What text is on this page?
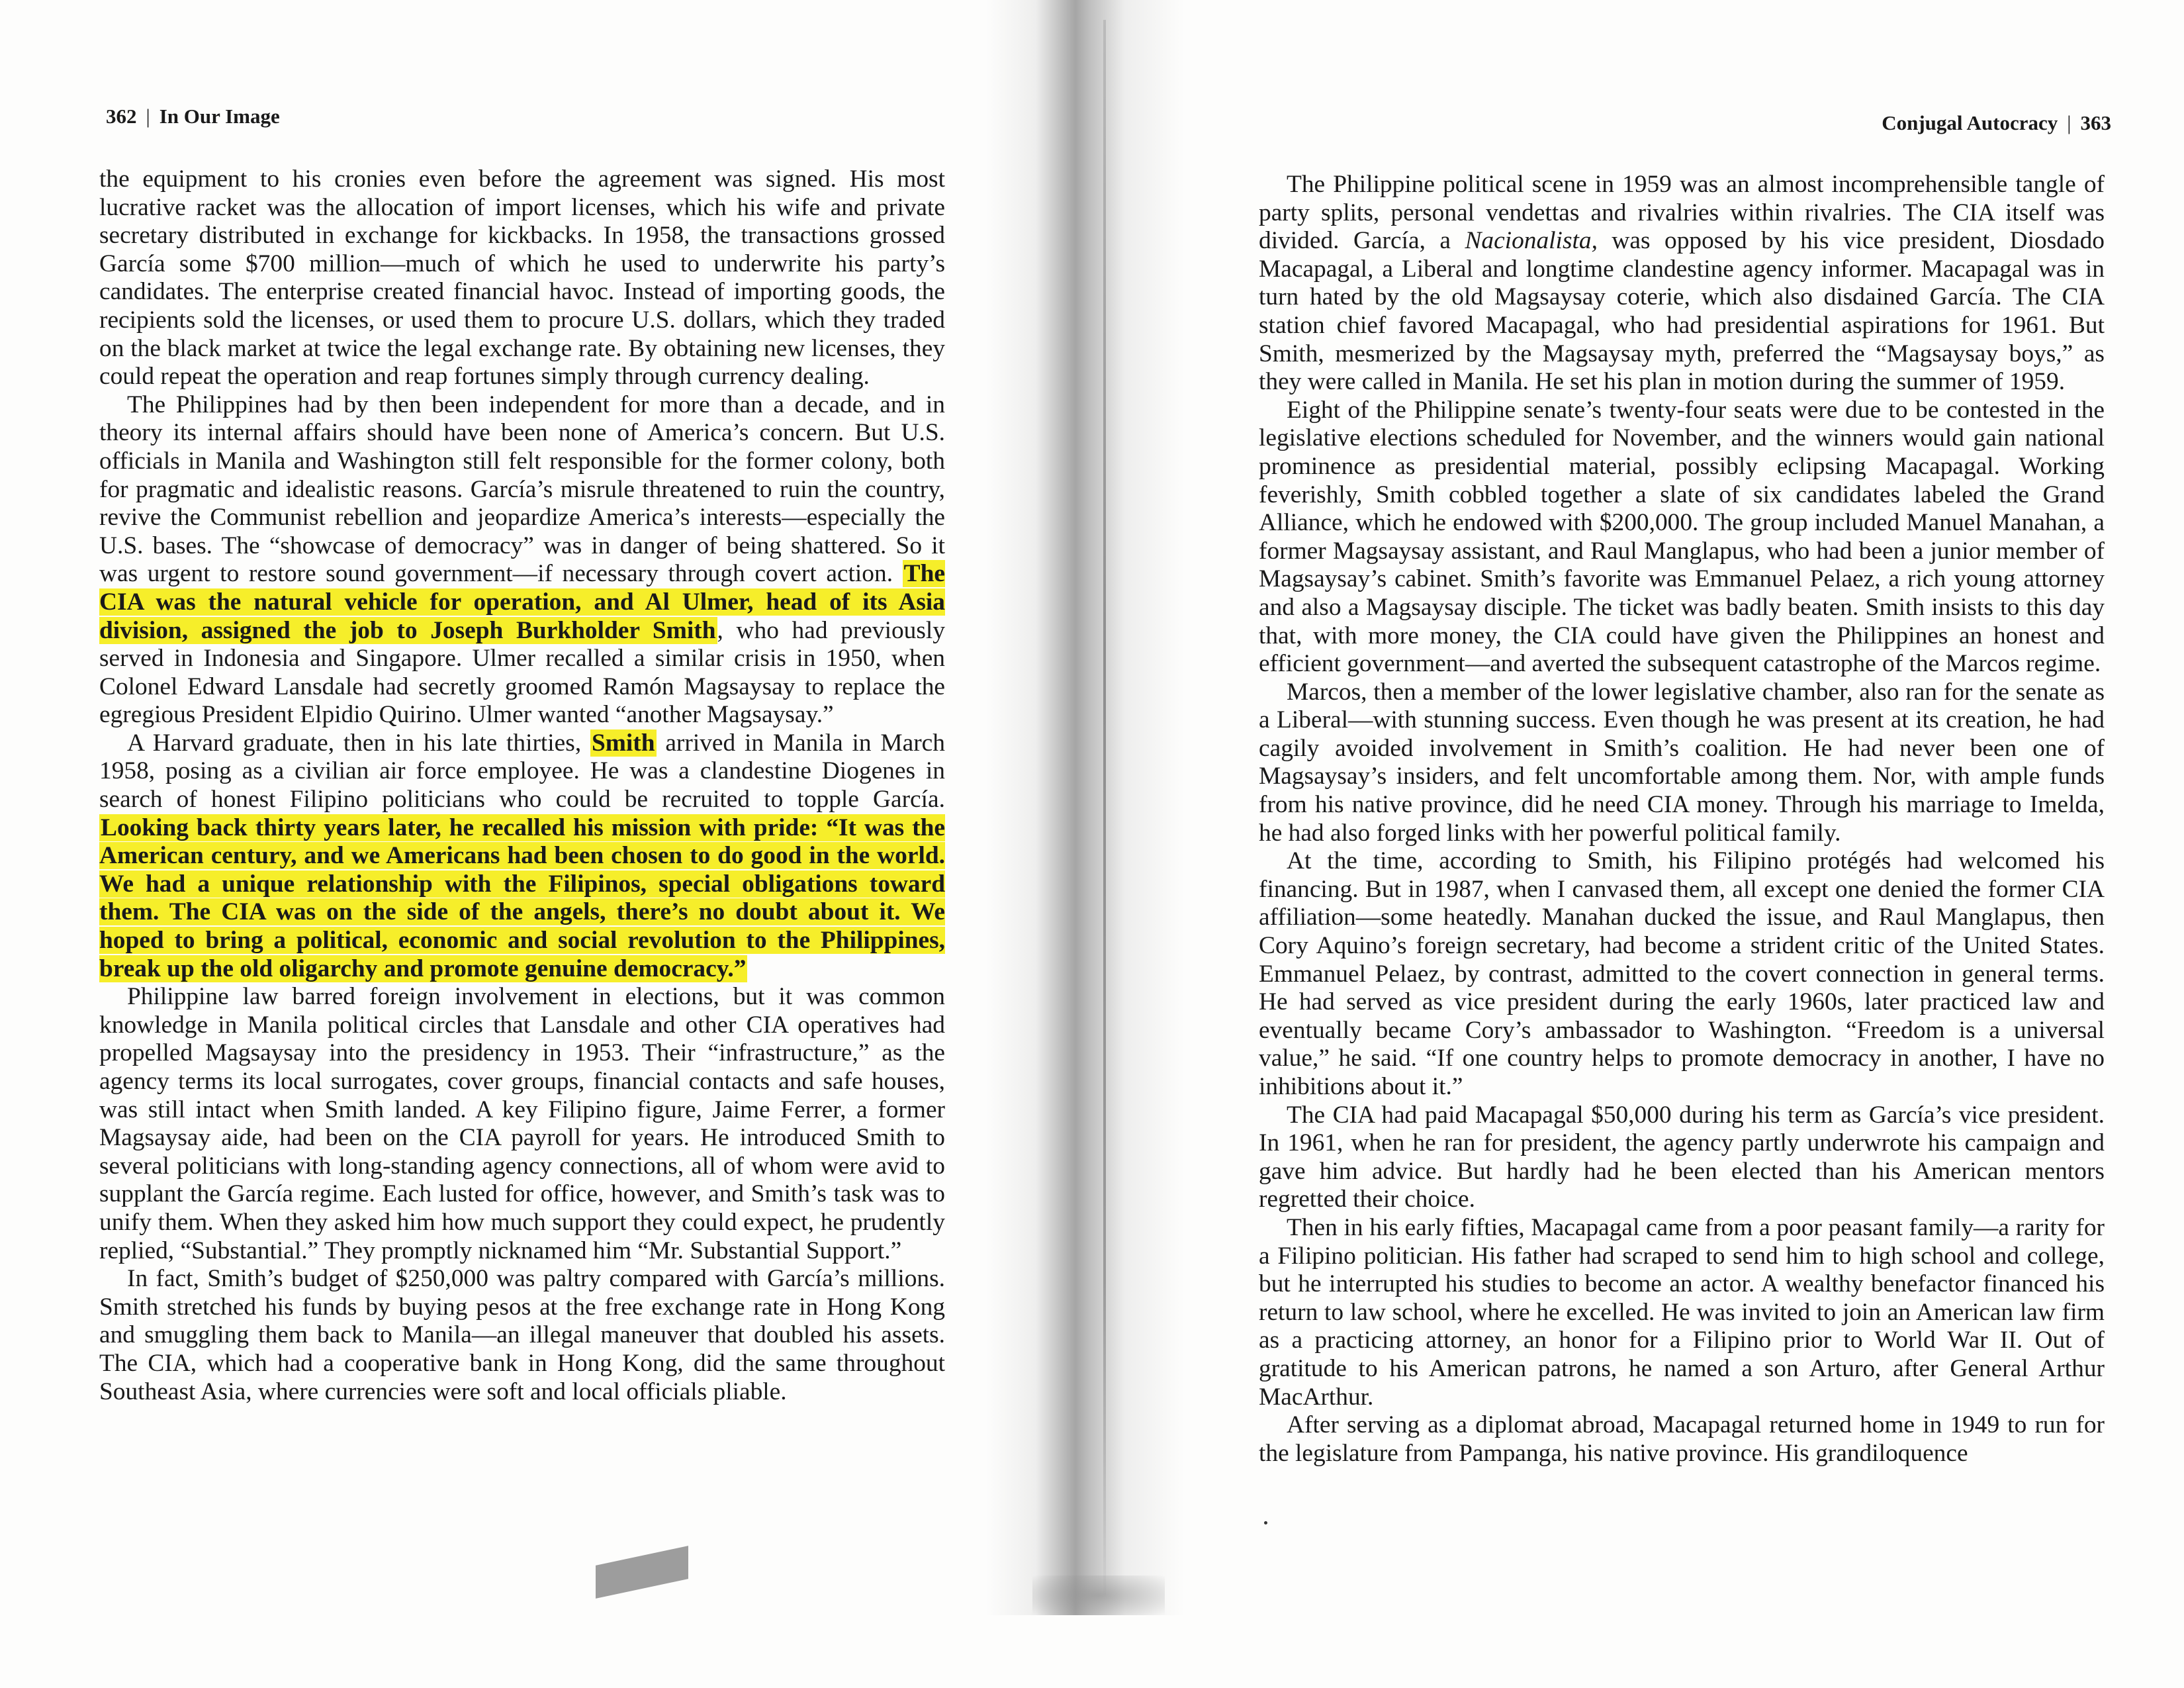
362 | In Our Image

the equipment to his cronies even before the agreement was signed. His most lucrative racket was the allocation of import licenses, which his wife and private secretary distributed in exchange for kickbacks. In 1958, the transactions grossed García some $700 million—much of which he used to underwrite his party’s candidates. The enterprise created financial havoc. Instead of importing goods, the recipients sold the licenses, or used them to procure U.S. dollars, which they traded on the black market at twice the legal exchange rate. By obtaining new licenses, they could repeat the operation and reap fortunes simply through currency dealing.

The Philippines had by then been independent for more than a decade, and in theory its internal affairs should have been none of America’s concern. But U.S. officials in Manila and Washington still felt responsible for the former colony, both for pragmatic and idealistic reasons. García’s misrule threatened to ruin the country, revive the Communist rebellion and jeopardize America’s interests—especially the U.S. bases. The “showcase of democracy” was in danger of being shattered. So it was urgent to restore sound government—if necessary through covert action. The CIA was the natural vehicle for operation, and Al Ulmer, head of its Asia division, assigned the job to Joseph Burkholder Smith, who had previously served in Indonesia and Singapore. Ulmer recalled a similar crisis in 1950, when Colonel Edward Lansdale had secretly groomed Ramón Magsaysay to replace the egregious President Elpidio Quirino. Ulmer wanted “another Magsaysay.”

A Harvard graduate, then in his late thirties, Smith arrived in Manila in March 1958, posing as a civilian air force employee. He was a clandestine Diogenes in search of honest Filipino politicians who could be recruited to topple García. Looking back thirty years later, he recalled his mission with pride: “It was the American century, and we Americans had been chosen to do good in the world. We had a unique relationship with the Filipinos, special obligations toward them. The CIA was on the side of the angels, there’s no doubt about it. We hoped to bring a political, economic and social revolution to the Philippines, break up the old oligarchy and promote genuine democracy.”

Philippine law barred foreign involvement in elections, but it was common knowledge in Manila political circles that Lansdale and other CIA operatives had propelled Magsaysay into the presidency in 1953. Their “infrastructure,” as the agency terms its local surrogates, cover groups, financial contacts and safe houses, was still intact when Smith landed. A key Filipino figure, Jaime Ferrer, a former Magsaysay aide, had been on the CIA payroll for years. He introduced Smith to several politicians with long-standing agency connections, all of whom were avid to supplant the García regime. Each lusted for office, however, and Smith’s task was to unify them. When they asked him how much support they could expect, he prudently replied, “Substantial.” They promptly nicknamed him “Mr. Substantial Support.”

In fact, Smith’s budget of $250,000 was paltry compared with García’s millions. Smith stretched his funds by buying pesos at the free exchange rate in Hong Kong and smuggling them back to Manila—an illegal maneuver that doubled his assets. The CIA, which had a cooperative bank in Hong Kong, did the same throughout Southeast Asia, where currencies were soft and local officials pliable.

Conjugal Autocracy | 363

The Philippine political scene in 1959 was an almost incomprehensible tangle of party splits, personal vendettas and rivalries within rivalries. The CIA itself was divided. García, a Nacionalista, was opposed by his vice president, Diosdado Macapagal, a Liberal and longtime clandestine agency informer. Macapagal was in turn hated by the old Magsaysay coterie, which also disdained García. The CIA station chief favored Macapagal, who had presidential aspirations for 1961. But Smith, mesmerized by the Magsaysay myth, preferred the “Magsaysay boys,” as they were called in Manila. He set his plan in motion during the summer of 1959.

Eight of the Philippine senate’s twenty-four seats were due to be contested in the legislative elections scheduled for November, and the winners would gain national prominence as presidential material, possibly eclipsing Macapagal. Working feverishly, Smith cobbled together a slate of six candidates labeled the Grand Alliance, which he endowed with $200,000. The group included Manuel Manahan, a former Magsaysay assistant, and Raul Manglapus, who had been a junior member of Magsaysay’s cabinet. Smith’s favorite was Emmanuel Pelaez, a rich young attorney and also a Magsaysay disciple. The ticket was badly beaten. Smith insists to this day that, with more money, the CIA could have given the Philippines an honest and efficient government—and averted the subsequent catastrophe of the Marcos regime.

Marcos, then a member of the lower legislative chamber, also ran for the senate as a Liberal—with stunning success. Even though he was present at its creation, he had cagily avoided involvement in Smith’s coalition. He had never been one of Magsaysay’s insiders, and felt uncomfortable among them. Nor, with ample funds from his native province, did he need CIA money. Through his marriage to Imelda, he had also forged links with her powerful political family.

At the time, according to Smith, his Filipino protégés had welcomed his financing. But in 1987, when I canvased them, all except one denied the former CIA affiliation—some heatedly. Manahan ducked the issue, and Raul Manglapus, then Cory Aquino’s foreign secretary, had become a strident critic of the United States. Emmanuel Pelaez, by contrast, admitted to the covert connection in general terms. He had served as vice president during the early 1960s, later practiced law and eventually became Cory’s ambassador to Washington. “Freedom is a universal value,” he said. “If one country helps to promote democracy in another, I have no inhibitions about it.”

The CIA had paid Macapagal $50,000 during his term as García’s vice president. In 1961, when he ran for president, the agency partly underwrote his campaign and gave him advice. But hardly had he been elected than his American mentors regretted their choice.

Then in his early fifties, Macapagal came from a poor peasant family—a rarity for a Filipino politician. His father had scraped to send him to high school and college, but he interrupted his studies to become an actor. A wealthy benefactor financed his return to law school, where he excelled. He was invited to join an American law firm as a practicing attorney, an honor for a Filipino prior to World War II. Out of gratitude to his American patrons, he named a son Arturo, after General Arthur MacArthur.

After serving as a diplomat abroad, Macapagal returned home in 1949 to run for the legislature from Pampanga, his native province. His grandiloquence
